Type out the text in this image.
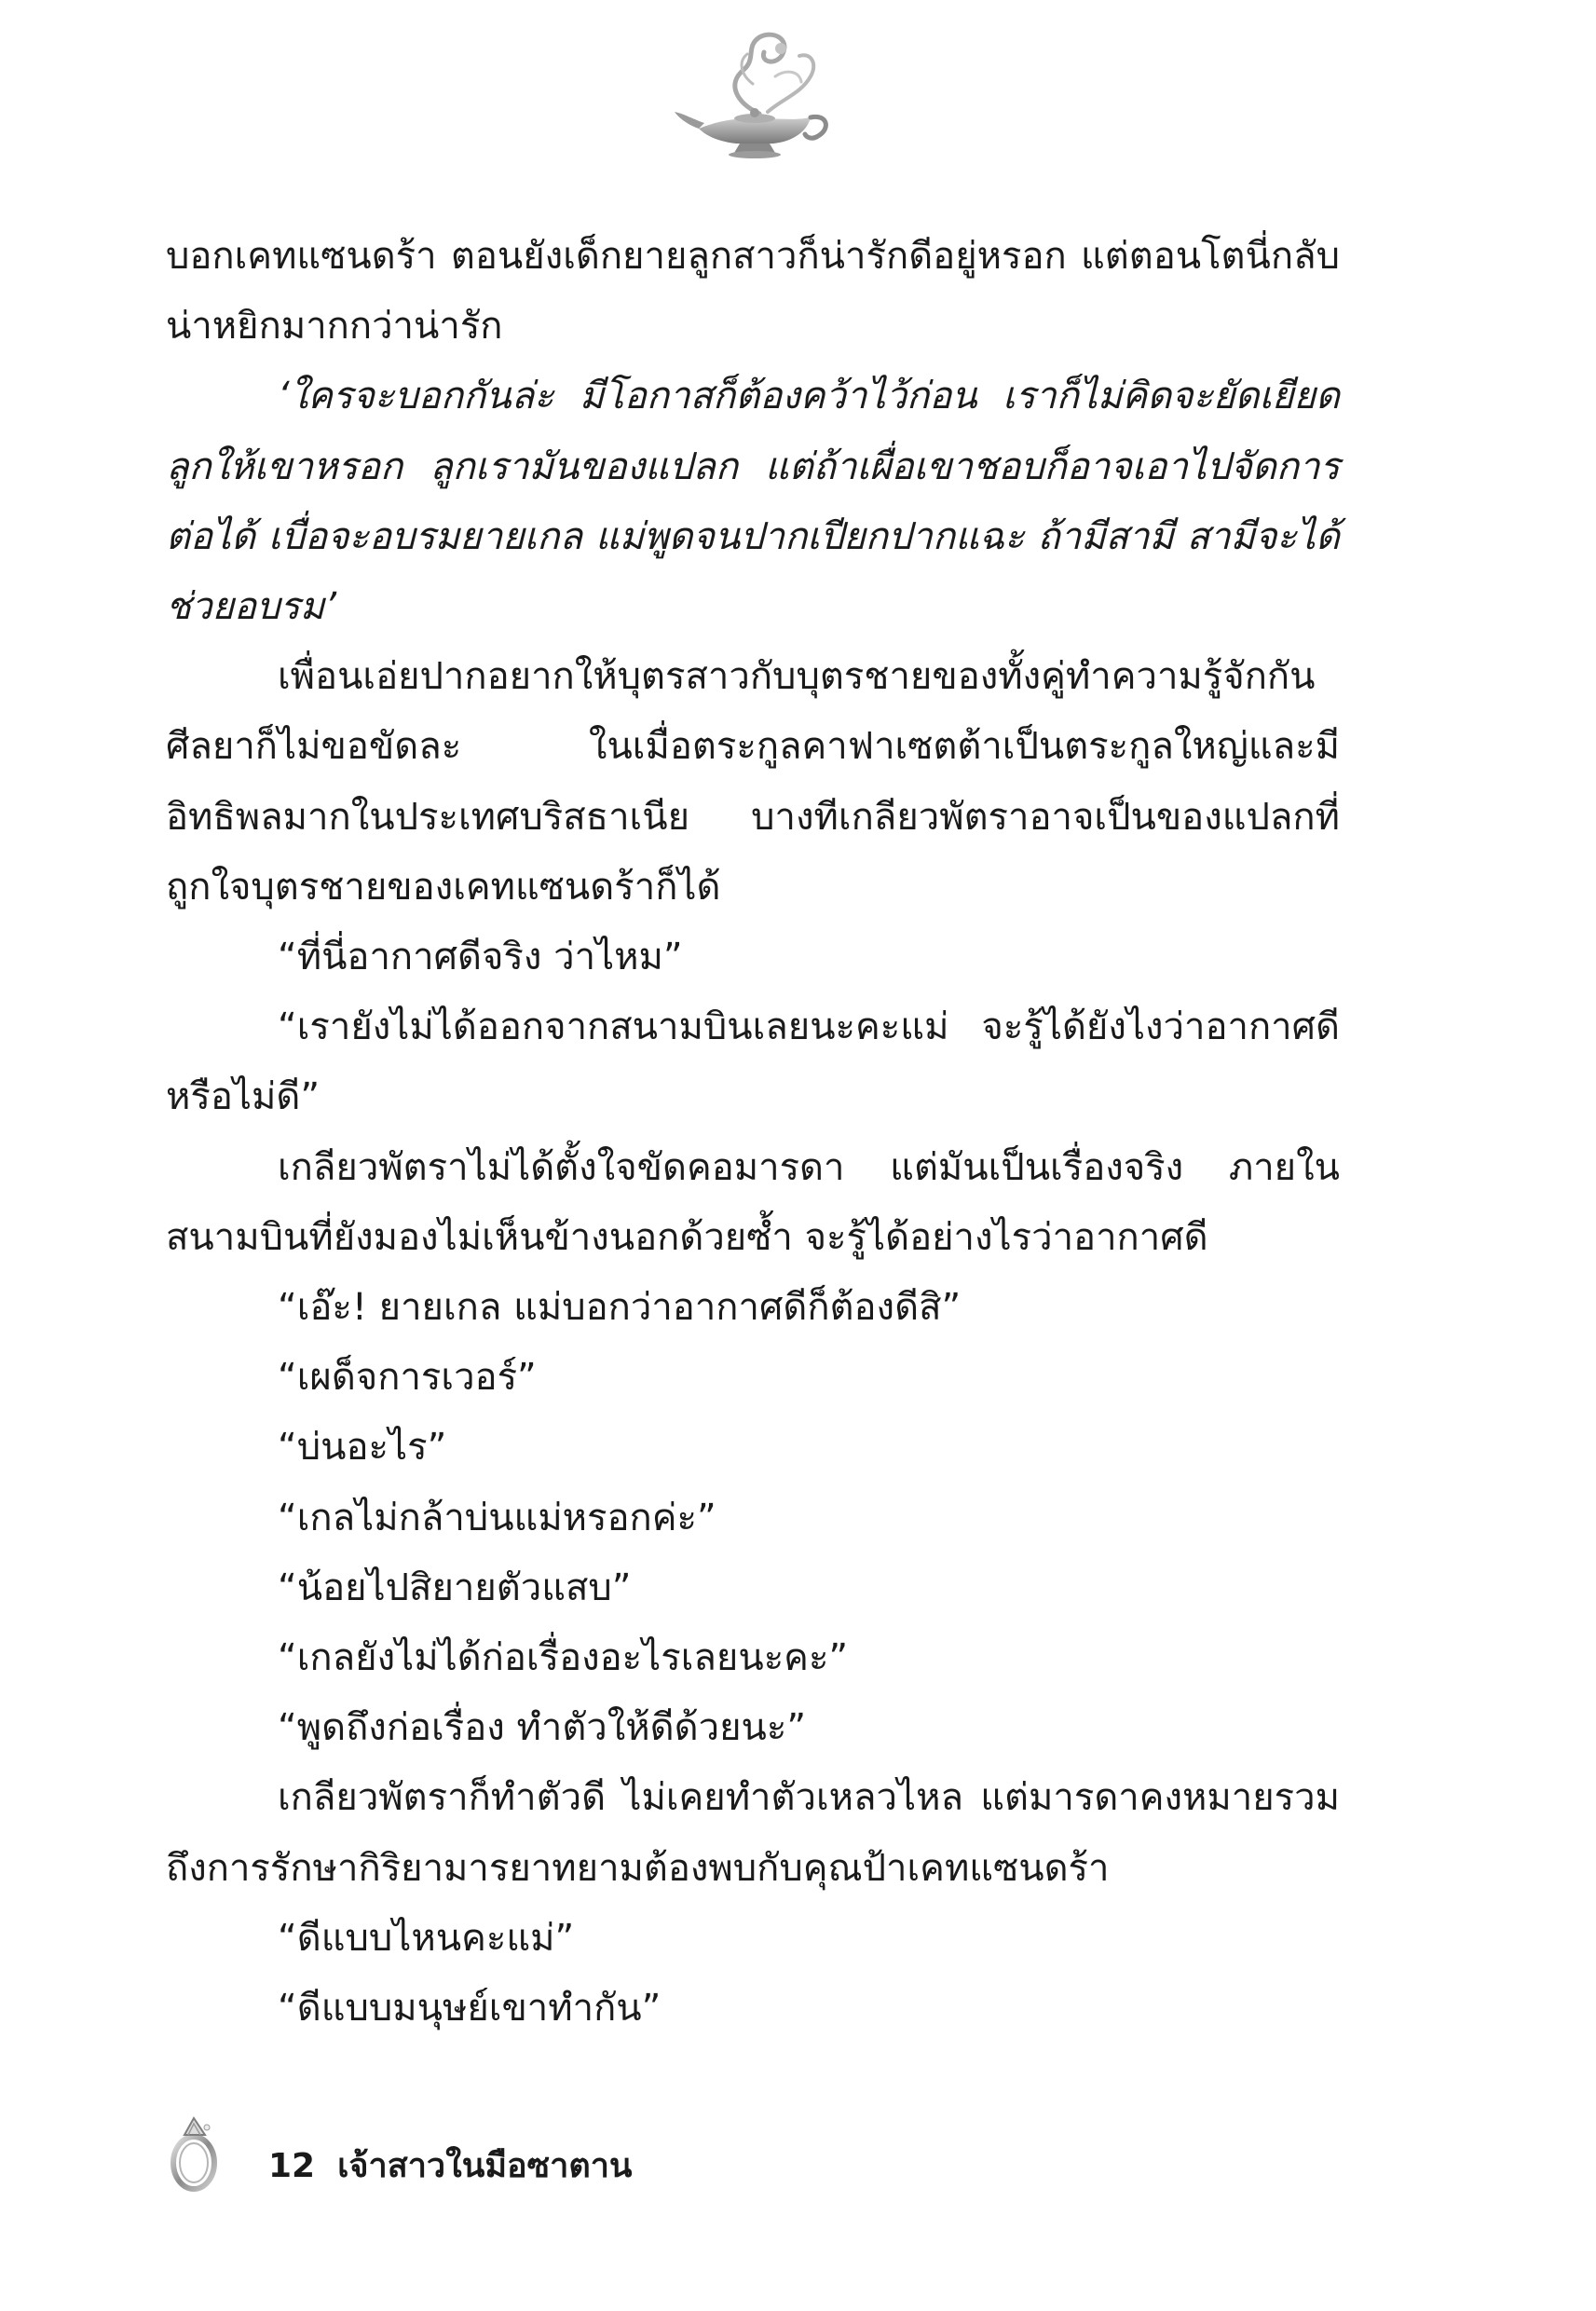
บอกเคทแซนดร้า ตอนยังเด็กยายลูกสาวก็น่ารักดีอยู่หรอก แต่ตอนโตนี่กลับน่าหยิกมากกว่าน่ารัก

‘ใครจะบอกกันล่ะ มีโอกาสก็ต้องคว้าไว้ก่อน เราก็ไม่คิดจะยัดเยียดลูกให้เขาหรอก ลูกเรามันของแปลก แต่ถ้าเผื่อเขาชอบก็อาจเอาไปจัดการต่อได้ เบื่อจะอบรมยายเกล แม่พูดจนปากเปียกปากแฉะ ถ้ามีสามี สามีจะได้ช่วยอบรม’

เพื่อนเอ่ยปากอยากให้บุตรสาวกับบุตรชายของทั้งคู่ทำความรู้จักกัน ศีลยาก็ไม่ขอขัดละ ในเมื่อตระกูลคาฟาเซตต้าเป็นตระกูลใหญ่และมีอิทธิพลมากในประเทศบริสธาเนีย บางทีเกลียวพัตราอาจเป็นของแปลกที่ถูกใจบุตรชายของเคทแซนดร้าก็ได้

“ที่นี่อากาศดีจริง ว่าไหม”

“เรายังไม่ได้ออกจากสนามบินเลยนะคะแม่ จะรู้ได้ยังไงว่าอากาศดีหรือไม่ดี”

เกลียวพัตราไม่ได้ตั้งใจขัดคอมารดา แต่มันเป็นเรื่องจริง ภายในสนามบินที่ยังมองไม่เห็นข้างนอกด้วยซ้ำ จะรู้ได้อย่างไรว่าอากาศดี

“เอ๊ะ! ยายเกล แม่บอกว่าอากาศดีก็ต้องดีสิ”

“เผด็จการเวอร์”

“บ่นอะไร”

“เกลไม่กล้าบ่นแม่หรอกค่ะ”

“น้อยไปสิยายตัวแสบ”

“เกลยังไม่ได้ก่อเรื่องอะไรเลยนะคะ”

“พูดถึงก่อเรื่อง ทำตัวให้ดีด้วยนะ”

เกลียวพัตราก็ทำตัวดี ไม่เคยทำตัวเหลวไหล แต่มารดาคงหมายรวมถึงการรักษากิริยามารยาทยามต้องพบกับคุณป้าเคทแซนดร้า

“ดีแบบไหนคะแม่”

“ดีแบบมนุษย์เขาทำกัน”

12 เจ้าสาวในมือซาตาน
